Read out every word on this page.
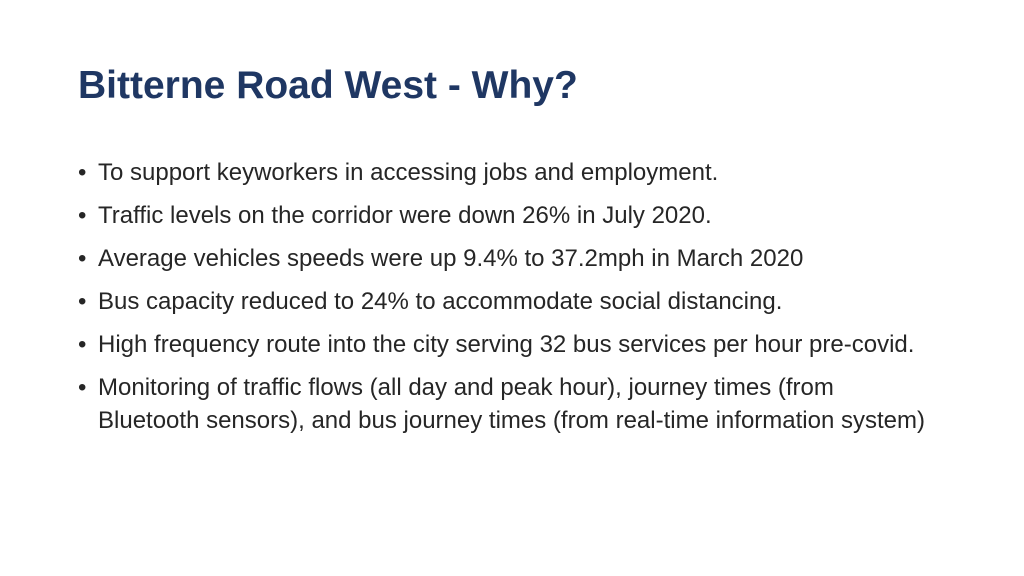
Bitterne Road West - Why?
• To support keyworkers in accessing jobs and employment.
• Traffic levels on the corridor were down 26% in July 2020.
• Average vehicles speeds were up 9.4% to 37.2mph in March 2020
• Bus capacity reduced to 24% to accommodate social distancing.
• High frequency route into the city serving 32 bus services per hour pre-covid.
• Monitoring of traffic flows (all day and peak hour), journey times (from Bluetooth sensors), and bus journey times (from real-time information system)
